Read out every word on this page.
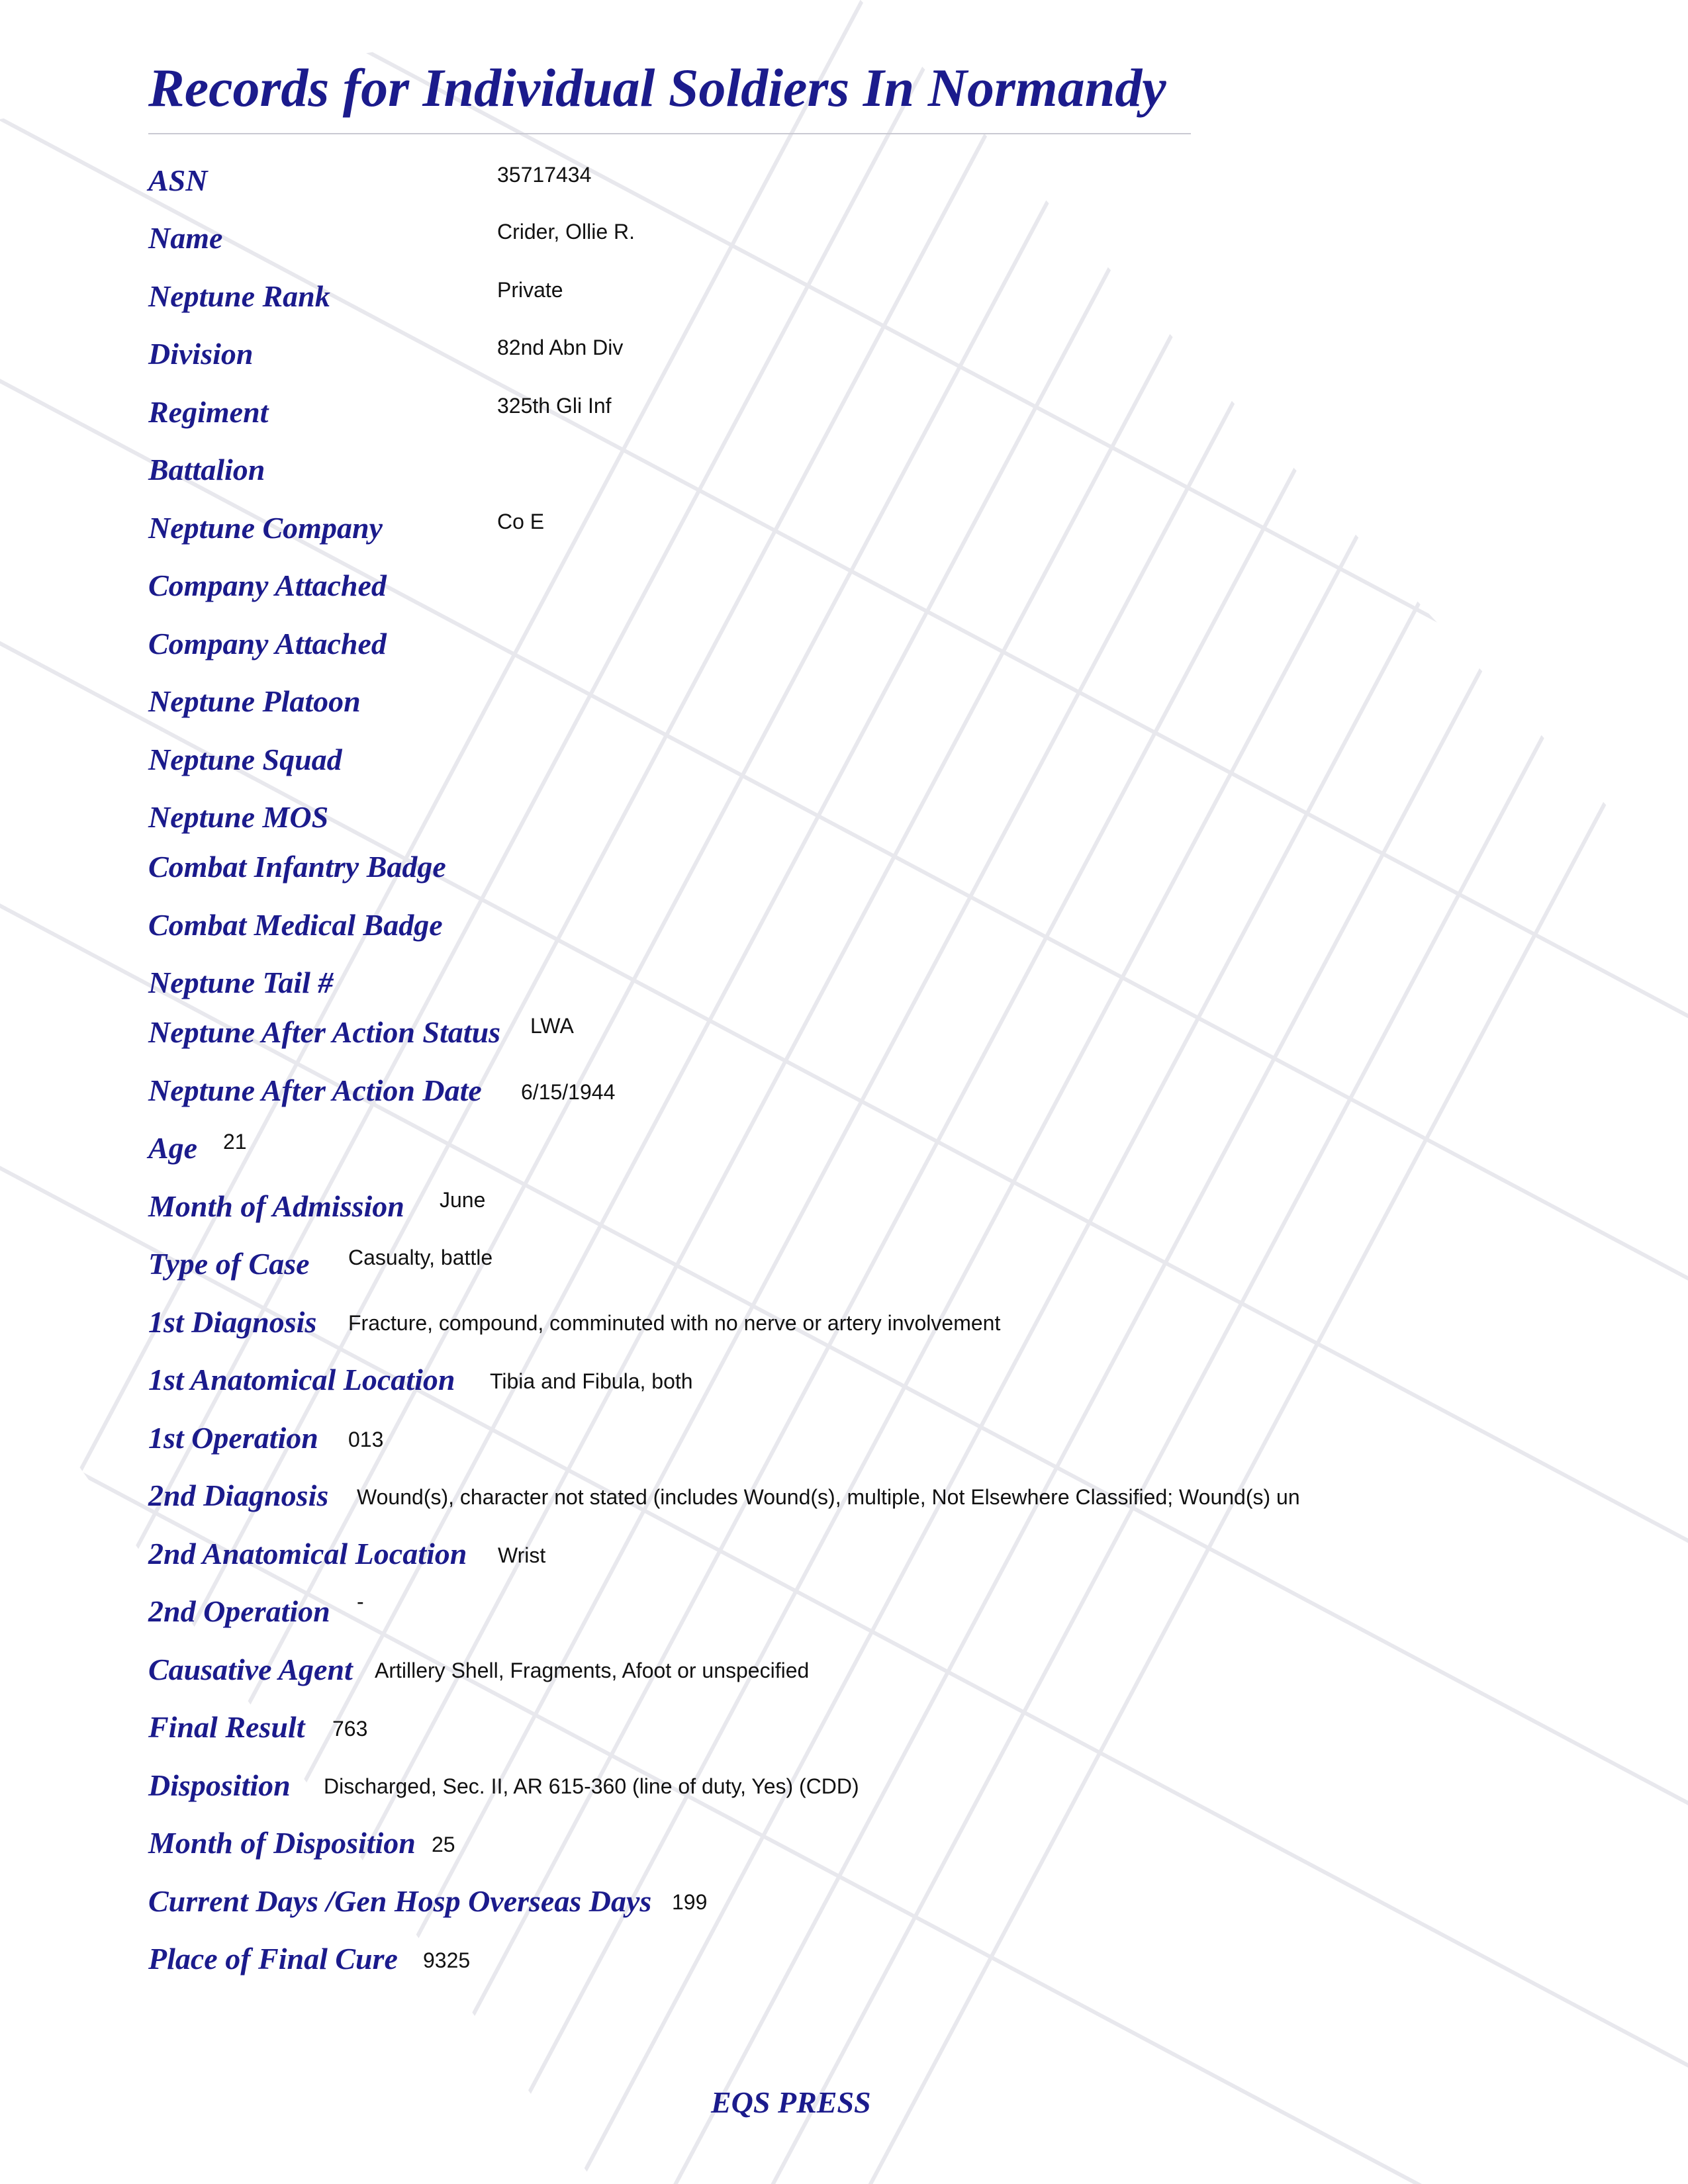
Records for Individual Soldiers In Normandy
ASN	35717434
Name	Crider, Ollie R.
Neptune Rank	Private
Division	82nd Abn Div
Regiment	325th Gli Inf
Battalion
Neptune Company	Co E
Company Attached
Company Attached
Neptune Platoon
Neptune Squad
Neptune MOS
Combat Infantry Badge
Combat Medical Badge
Neptune Tail #
Neptune After Action Status LWA
Neptune After Action Date 6/15/1944
Age 21
Month of Admission June
Type of Case Casualty, battle
1st Diagnosis Fracture, compound, comminuted with no nerve or artery involvement
1st Anatomical Location Tibia and Fibula, both
1st Operation 013
2nd Diagnosis Wound(s), character not stated (includes Wound(s), multiple, Not Elsewhere Classified; Wound(s) un
2nd Anatomical Location Wrist
2nd Operation -
Causative Agent Artillery Shell, Fragments, Afoot or unspecified
Final Result 763
Disposition Discharged, Sec. II, AR 615-360 (line of duty, Yes) (CDD)
Month of Disposition 25
Current Days /Gen Hosp Overseas Days 199
Place of Final Cure 9325
EQS PRESS
